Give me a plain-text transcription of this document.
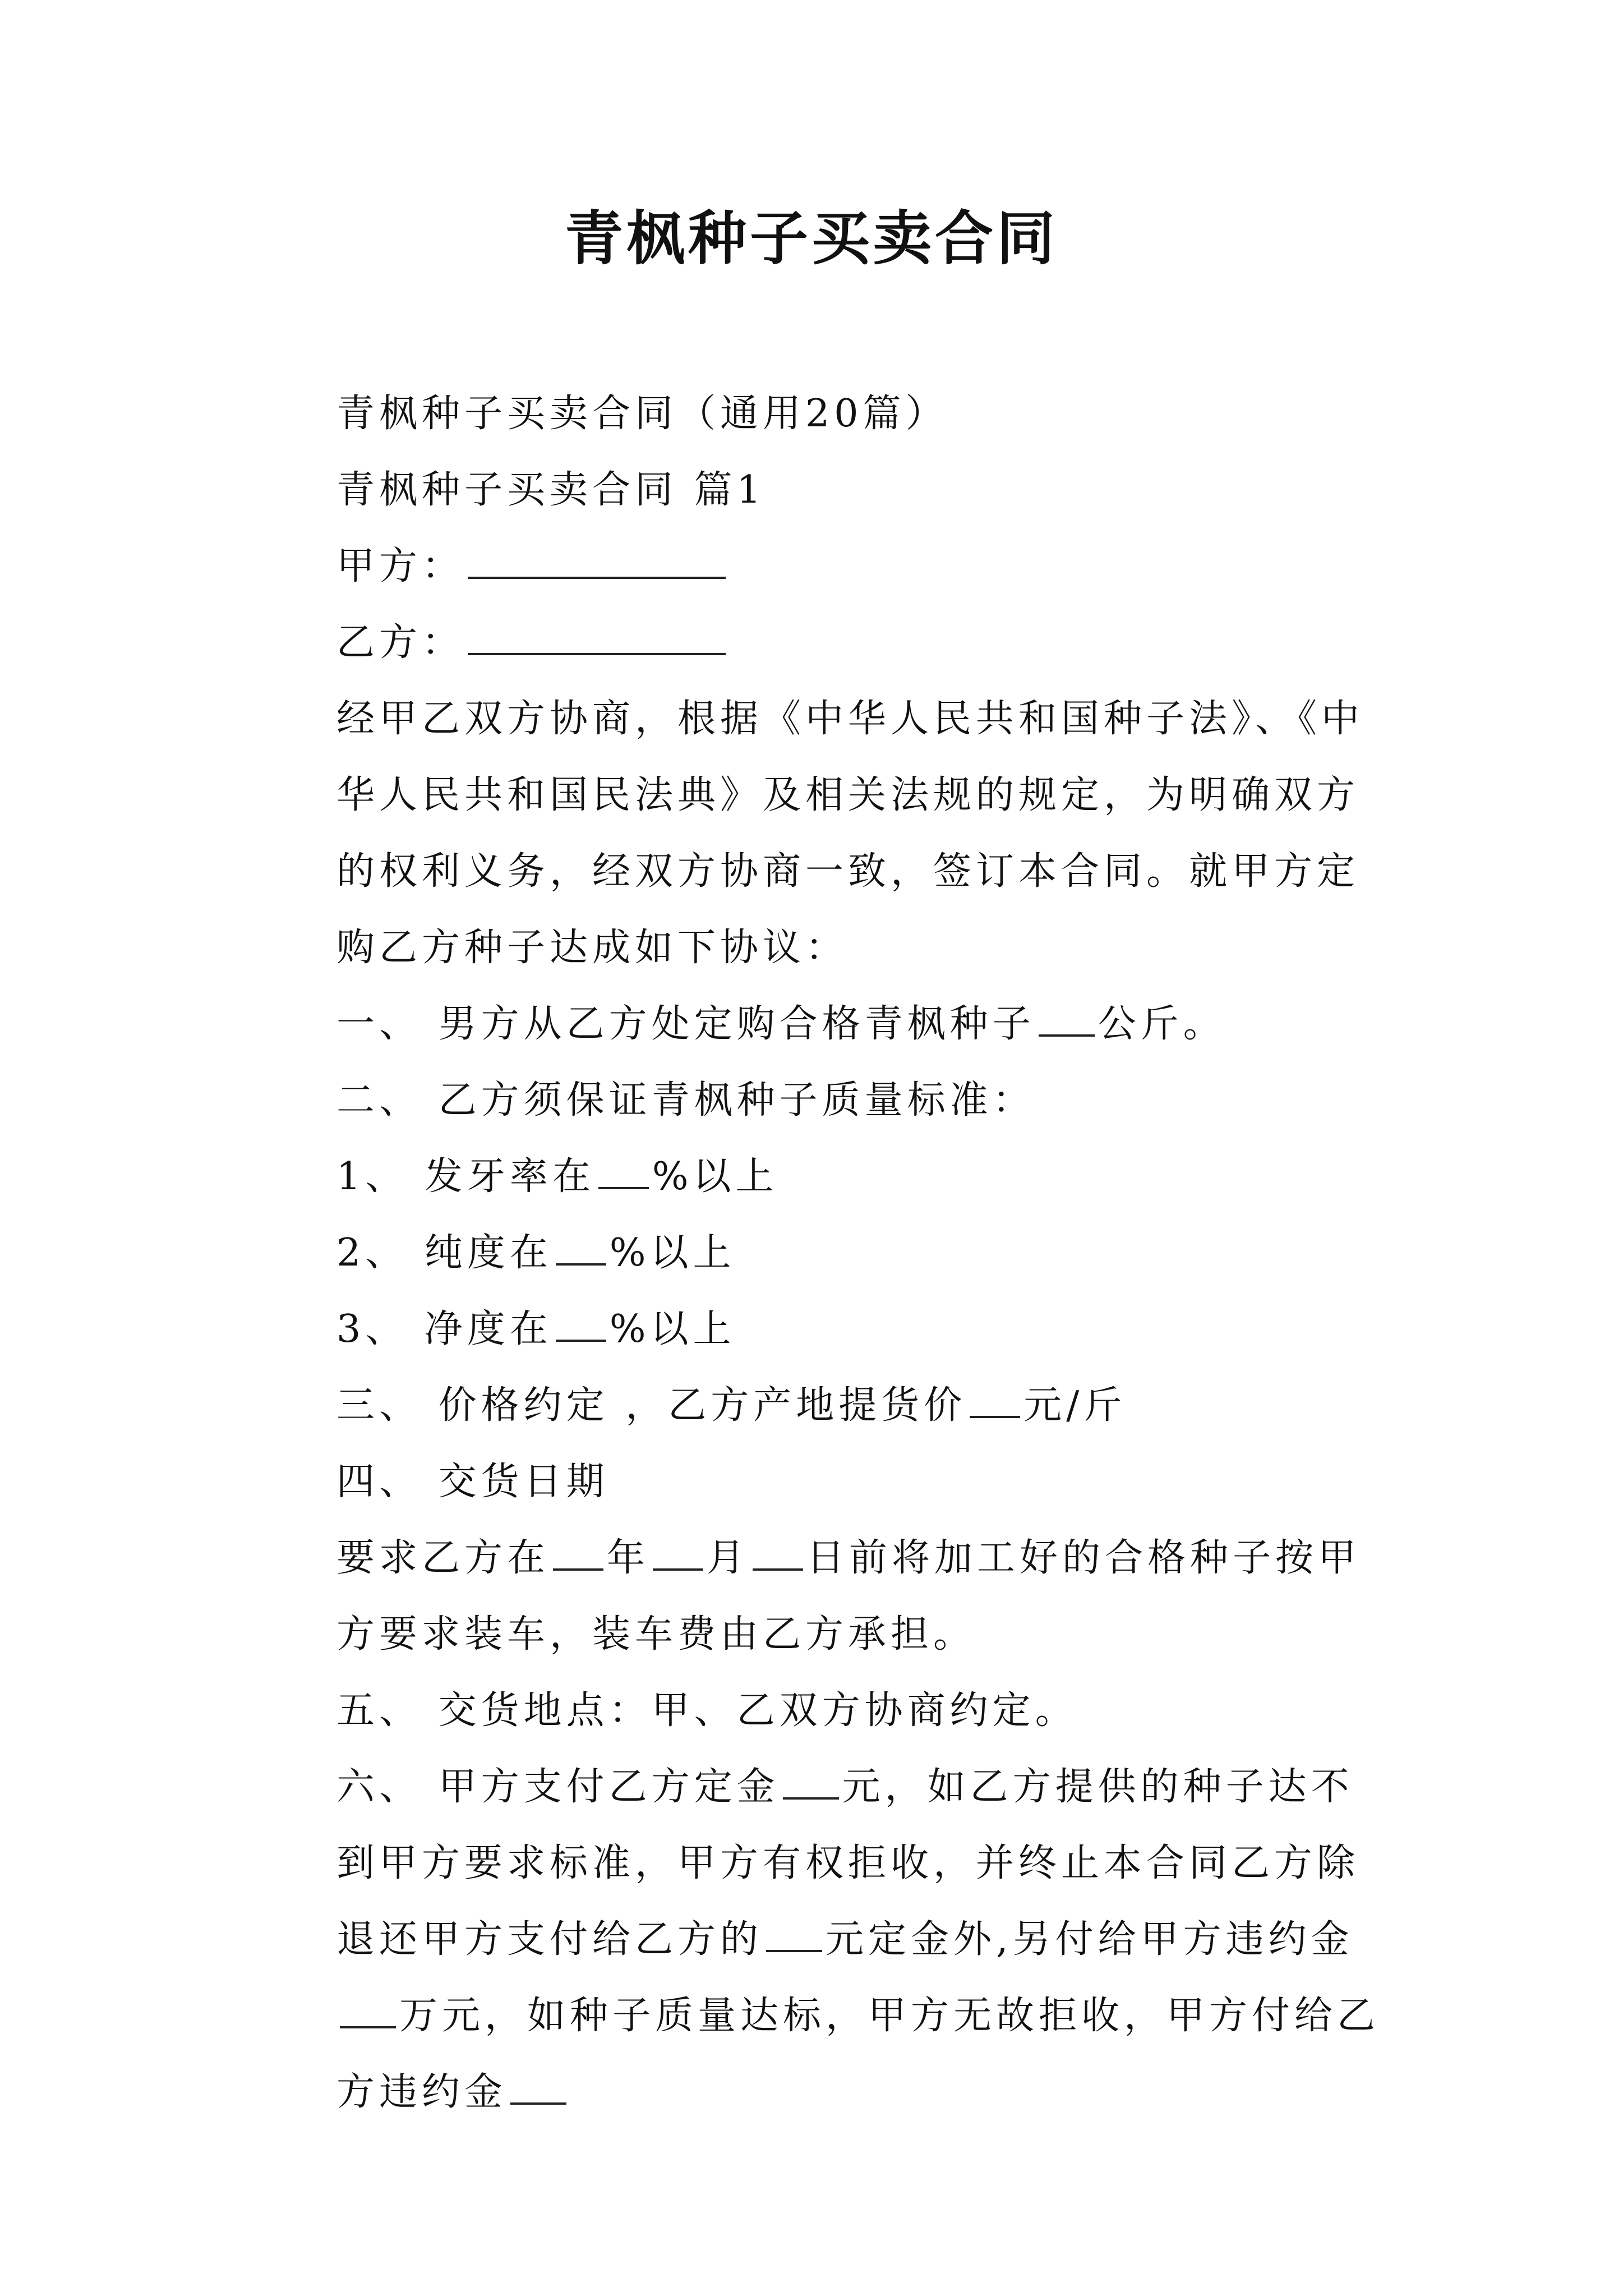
青枫种子买卖合同

青枫种子买卖合同（通用20篇）

青枫种子买卖合同 篇1

甲方：

乙方：

经甲乙双方协商，根据《中华人民共和国种子法》、《中华人民共和国民法典》及相关法规的规定，为明确双方的权利义务，经双方协商一致，签订本合同。就甲方定购乙方种子达成如下协议：

一、 男方从乙方处定购合格青枫种子 公斤。

二、 乙方须保证青枫种子质量标准：

1、 发牙率在 %以上

2、 纯度在 %以上

3、 净度在 %以上

三、 价格约定 ，乙方产地提货价 元/斤

四、 交货日期

要求乙方在 年 月 日前将加工好的合格种子按甲方要求装车，装车费由乙方承担。

五、 交货地点：甲、乙双方协商约定。

六、 甲方支付乙方定金 元，如乙方提供的种子达不到甲方要求标准，甲方有权拒收，并终止本合同乙方除退还甲方支付给乙方的 元定金外,另付给甲方违约金万元，如种子质量达标，甲方无故拒收，甲方付给乙方违约金
